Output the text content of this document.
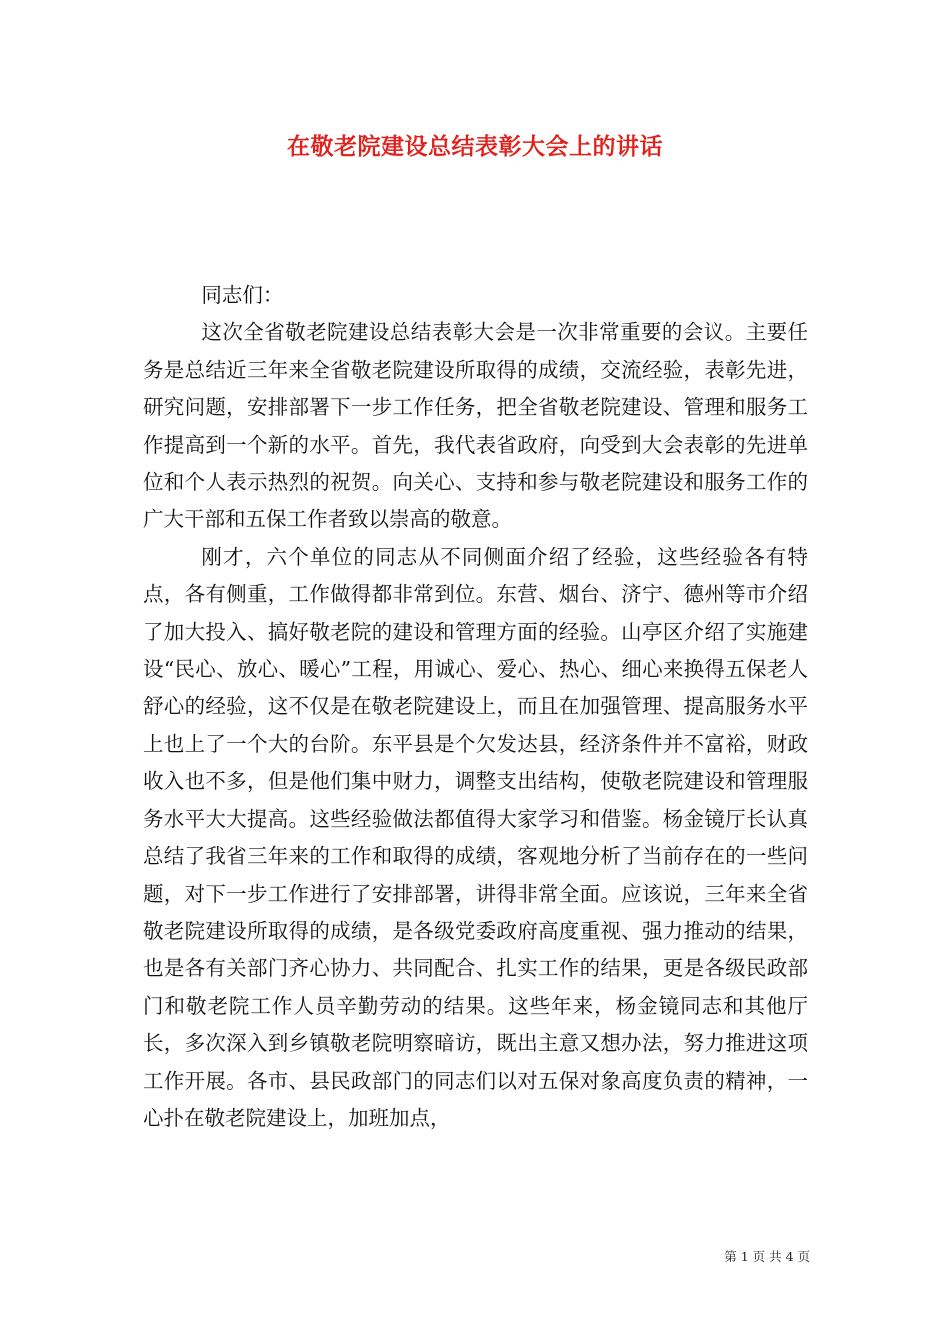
在敬老院建设总结表彰大会上的讲话

同志们：

这次全省敬老院建设总结表彰大会是一次非常重要的会议。主要任务是总结近三年来全省敬老院建设所取得的成绩，交流经验，表彰先进，研究问题，安排部署下一步工作任务，把全省敬老院建设、管理和服务工作提高到一个新的水平。首先，我代表省政府，向受到大会表彰的先进单位和个人表示热烈的祝贺。向关心、支持和参与敬老院建设和服务工作的广大干部和五保工作者致以崇高的敬意。

刚才，六个单位的同志从不同侧面介绍了经验，这些经验各有特点，各有侧重，工作做得都非常到位。东营、烟台、济宁、德州等市介绍了加大投入、搞好敬老院的建设和管理方面的经验。山亭区介绍了实施建设“民心、放心、暖心”工程，用诚心、爱心、热心、细心来换得五保老人舒心的经验，这不仅是在敬老院建设上，而且在加强管理、提高服务水平上也上了一个大的台阶。东平县是个欠发达县，经济条件并不富裕，财政收入也不多，但是他们集中财力，调整支出结构，使敬老院建设和管理服务水平大大提高。这些经验做法都值得大家学习和借鉴。杨金镜厅长认真总结了我省三年来的工作和取得的成绩，客观地分析了当前存在的一些问题，对下一步工作进行了安排部署，讲得非常全面。应该说，三年来全省敬老院建设所取得的成绩，是各级党委政府高度重视、强力推动的结果，也是各有关部门齐心协力、共同配合、扎实工作的结果，更是各级民政部门和敬老院工作人员辛勤劳动的结果。这些年来，杨金镜同志和其他厅长，多次深入到乡镇敬老院明察暗访，既出主意又想办法，努力推进这项工作开展。各市、县民政部门的同志们以对五保对象高度负责的精神，一心扑在敬老院建设上，加班加点，

第 1 页 共 4 页
